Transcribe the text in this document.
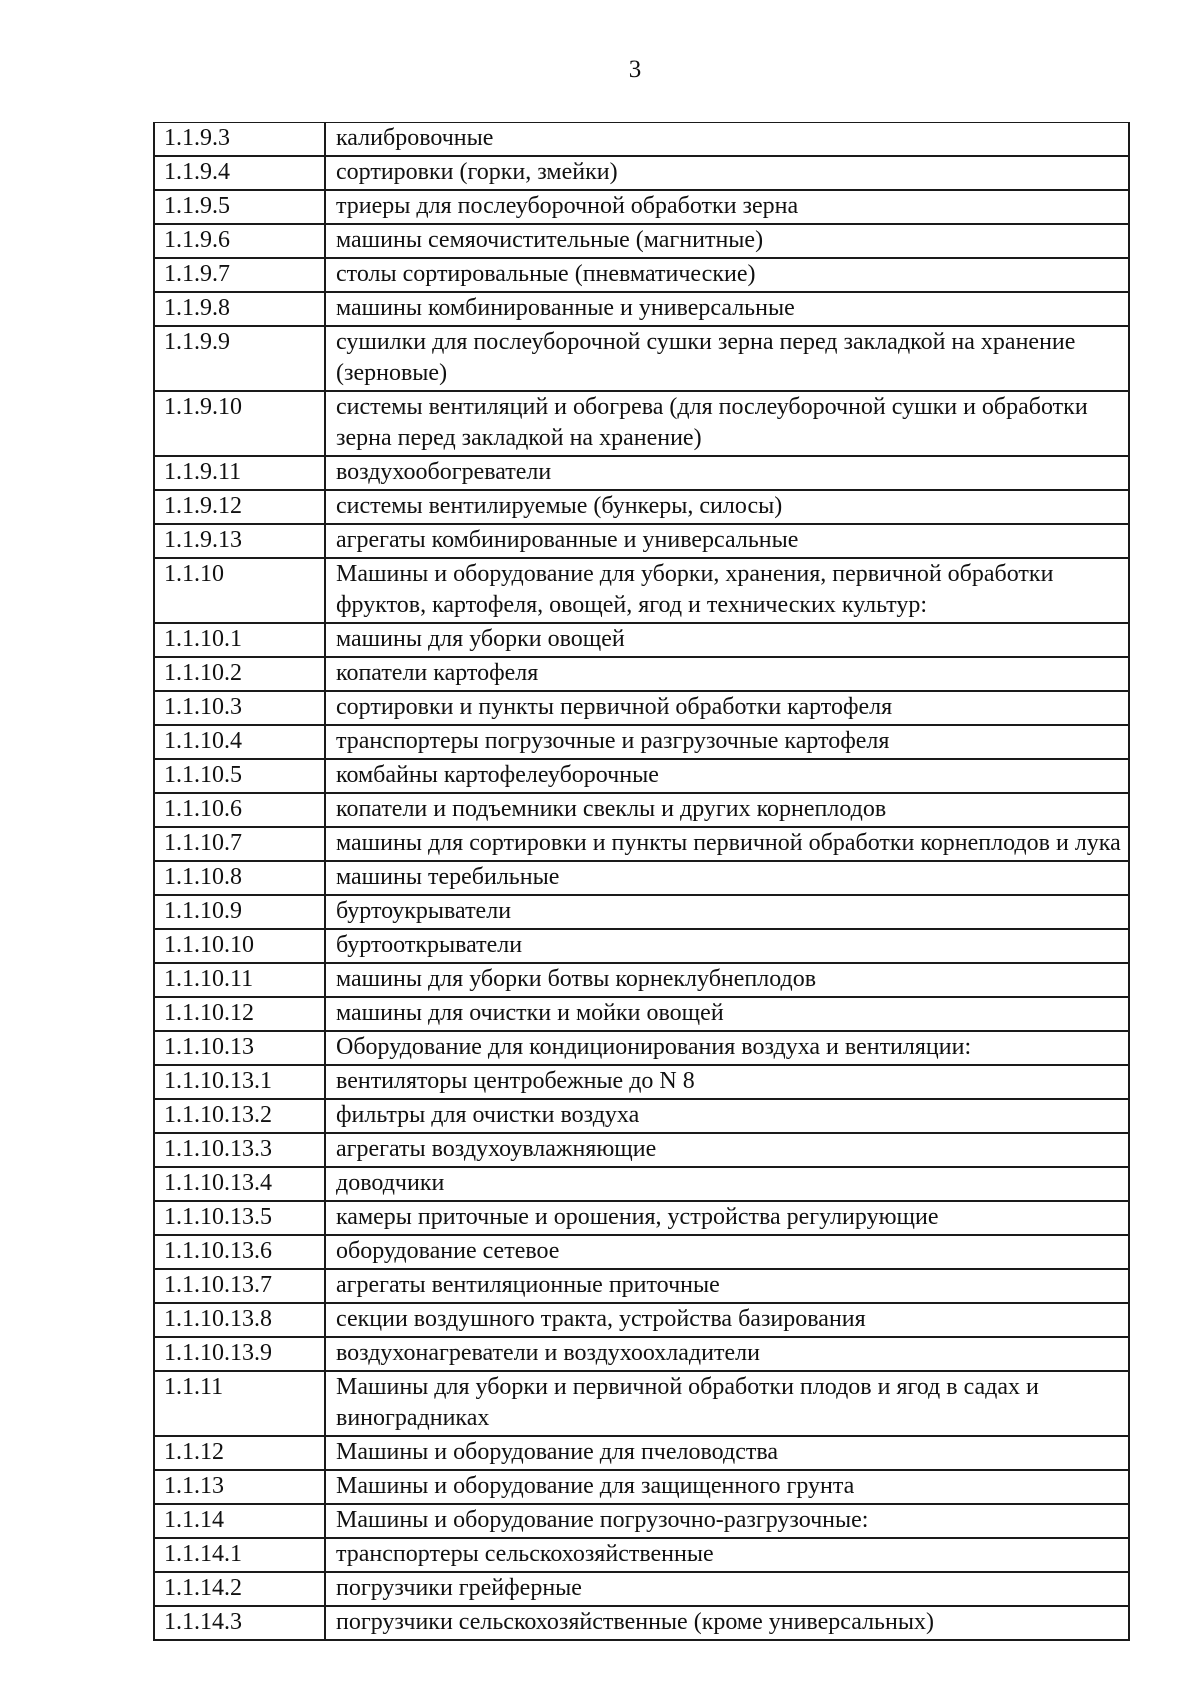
3
1.1.9.3	калибровочные
1.1.9.4	сортировки (горки, змейки)
1.1.9.5	триеры для послеуборочной обработки зерна
1.1.9.6	машины семяочистительные (магнитные)
1.1.9.7	столы сортировальные (пневматические)
1.1.9.8	машины комбинированные и универсальные
1.1.9.9	сушилки для послеуборочной сушки зерна перед закладкой на хранение (зерновые)
1.1.9.10	системы вентиляций и обогрева (для послеуборочной сушки и обработки зерна перед закладкой на хранение)
1.1.9.11	воздухообогреватели
1.1.9.12	системы вентилируемые (бункеры, силосы)
1.1.9.13	агрегаты комбинированные и универсальные
1.1.10	Машины и оборудование для уборки, хранения, первичной обработки фруктов, картофеля, овощей, ягод и технических культур:
1.1.10.1	машины для уборки овощей
1.1.10.2	копатели картофеля
1.1.10.3	сортировки и пункты первичной обработки картофеля
1.1.10.4	транспортеры погрузочные и разгрузочные картофеля
1.1.10.5	комбайны картофелеуборочные
1.1.10.6	копатели и подъемники свеклы и других корнеплодов
1.1.10.7	машины для сортировки и пункты первичной обработки корнеплодов и лука
1.1.10.8	машины теребильные
1.1.10.9	буртоукрыватели
1.1.10.10	буртооткрыватели
1.1.10.11	машины для уборки ботвы корнеклубнеплодов
1.1.10.12	машины для очистки и мойки овощей
1.1.10.13	Оборудование для кондиционирования воздуха и вентиляции:
1.1.10.13.1	вентиляторы центробежные до N 8
1.1.10.13.2	фильтры для очистки воздуха
1.1.10.13.3	агрегаты воздухоувлажняющие
1.1.10.13.4	доводчики
1.1.10.13.5	камеры приточные и орошения, устройства регулирующие
1.1.10.13.6	оборудование сетевое
1.1.10.13.7	агрегаты вентиляционные приточные
1.1.10.13.8	секции воздушного тракта, устройства базирования
1.1.10.13.9	воздухонагреватели и воздухоохладители
1.1.11	Машины для уборки и первичной обработки плодов и ягод в садах и виноградниках
1.1.12	Машины и оборудование для пчеловодства
1.1.13	Машины и оборудование для защищенного грунта
1.1.14	Машины и оборудование погрузочно-разгрузочные:
1.1.14.1	транспортеры сельскохозяйственные
1.1.14.2	погрузчики грейферные
1.1.14.3	погрузчики сельскохозяйственные (кроме универсальных)
